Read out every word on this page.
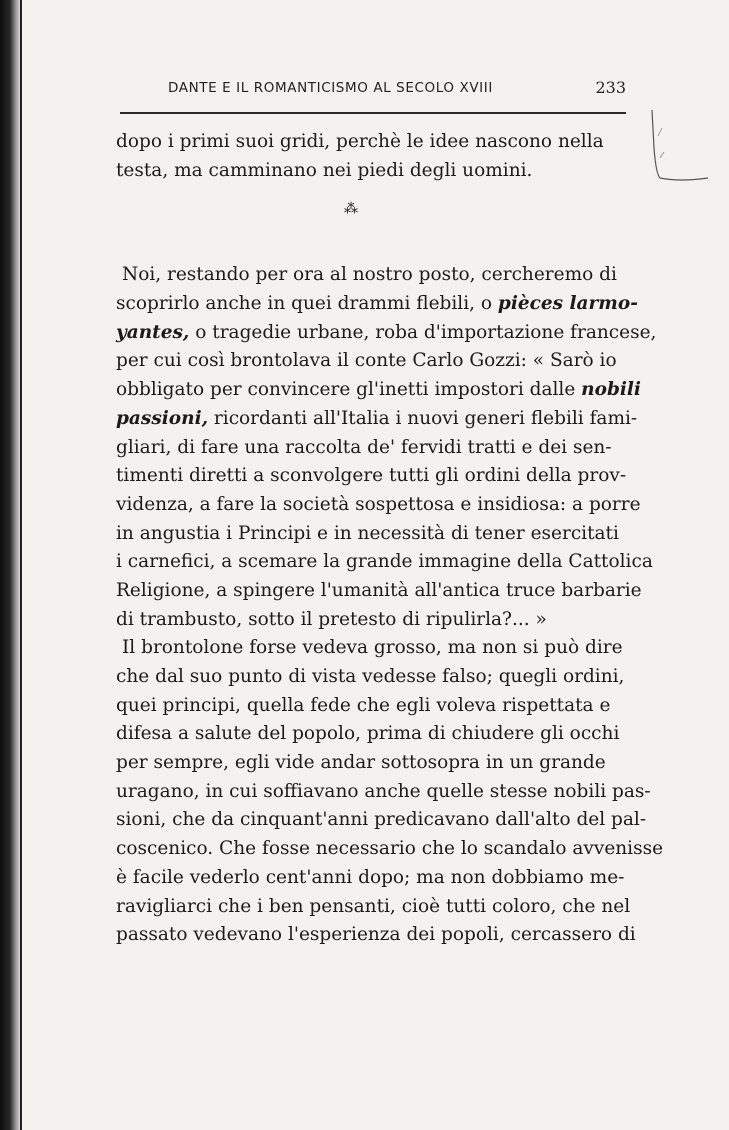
DANTE E IL ROMANTICISMO AL SECOLO XVIII	233
dopo i primi suoi gridi, perchè le idee nascono nella
testa, ma camminano nei piedi degli uomini.
⁂
Noi, restando per ora al nostro posto, cercheremo di
scoprirlo anche in quei drammi flebili, o pièces larmo-
yantes, o tragedie urbane, roba d'importazione francese,
per cui così brontolava il conte Carlo Gozzi: « Sarò io
obbligato per convincere gl'inetti impostori dalle nobili
passioni, ricordanti all'Italia i nuovi generi flebili fami-
gliari, di fare una raccolta de' fervidi tratti e dei sen-
timenti diretti a sconvolgere tutti gli ordini della prov-
videnza, a fare la società sospettosa e insidiosa: a porre
in angustia i Principi e in necessità di tener esercitati
i carnefici, a scemare la grande immagine della Cattolica
Religione, a spingere l'umanità all'antica truce barbarie
di trambusto, sotto il pretesto di ripulirla?... »
Il brontolone forse vedeva grosso, ma non si può dire
che dal suo punto di vista vedesse falso; quegli ordini,
quei principi, quella fede che egli voleva rispettata e
difesa a salute del popolo, prima di chiudere gli occhi
per sempre, egli vide andar sottosopra in un grande
uragano, in cui soffiavano anche quelle stesse nobili pas-
sioni, che da cinquant'anni predicavano dall'alto del pal-
coscenico. Che fosse necessario che lo scandalo avvenisse
è facile vederlo cent'anni dopo; ma non dobbiamo me-
ravigliarci che i ben pensanti, cioè tutti coloro, che nel
passato vedevano l'esperienza dei popoli, cercassero di
